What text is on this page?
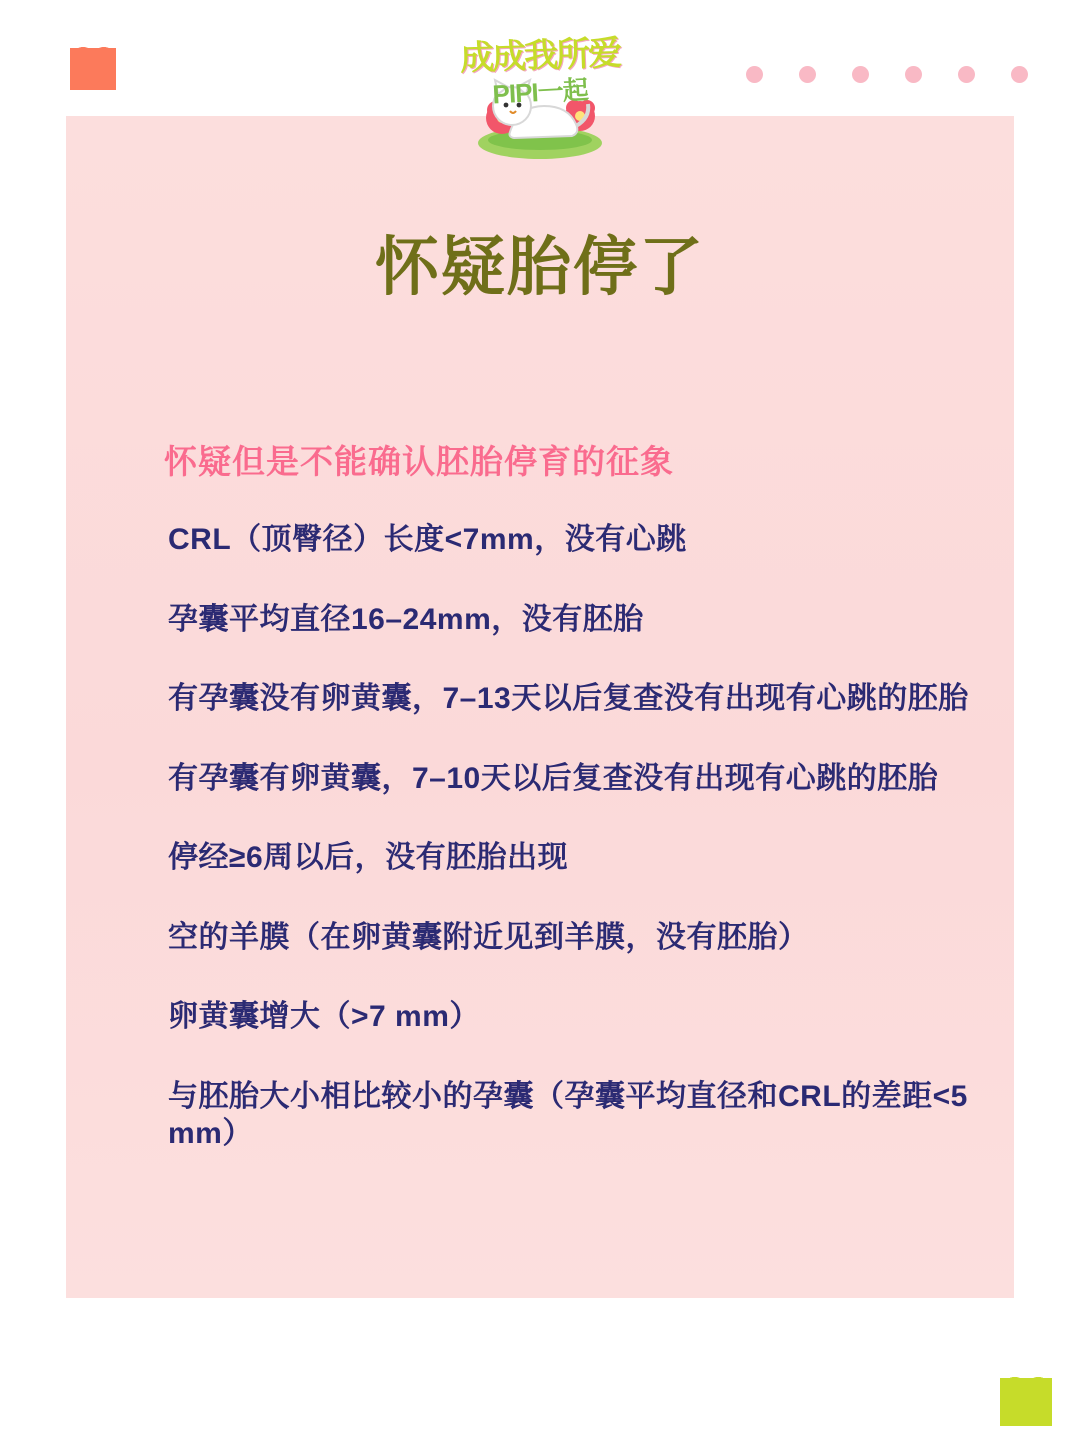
成成我所爱
PIPI一起
怀疑胎停了
怀疑但是不能确认胚胎停育的征象
CRL（顶臀径）长度<7mm，没有心跳
孕囊平均直径16–24mm，没有胚胎
有孕囊没有卵黄囊，7–13天以后复查没有出现有心跳的胚胎
有孕囊有卵黄囊，7–10天以后复查没有出现有心跳的胚胎
停经≥6周以后，没有胚胎出现
空的羊膜（在卵黄囊附近见到羊膜，没有胚胎）
卵黄囊增大（>7 mm）
与胚胎大小相比较小的孕囊（孕囊平均直径和CRL的差距<5 mm）
